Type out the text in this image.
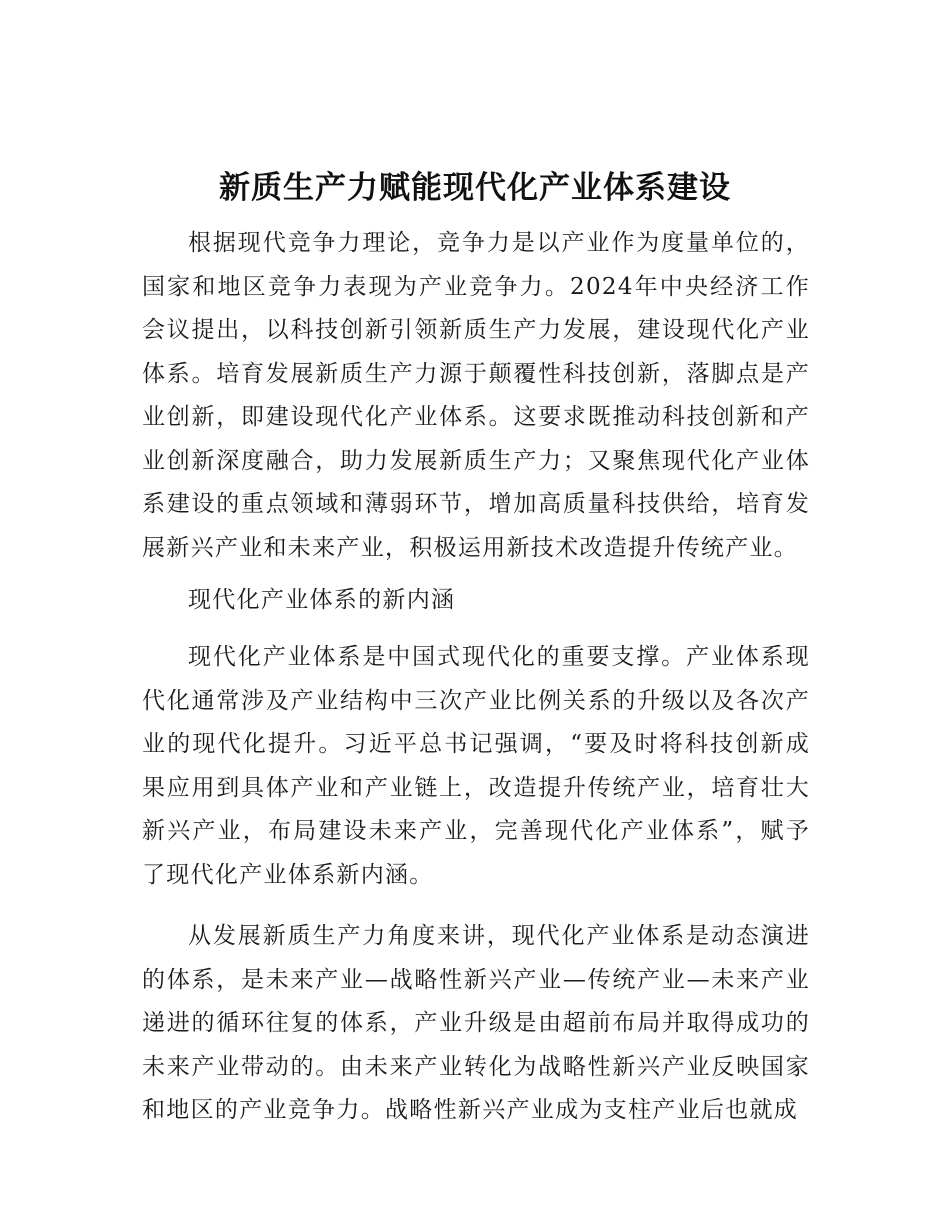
新质生产力赋能现代化产业体系建设

根据现代竞争力理论，竞争力是以产业作为度量单位的，国家和地区竞争力表现为产业竞争力。2024年中央经济工作会议提出，以科技创新引领新质生产力发展，建设现代化产业体系。培育发展新质生产力源于颠覆性科技创新，落脚点是产业创新，即建设现代化产业体系。这要求既推动科技创新和产业创新深度融合，助力发展新质生产力；又聚焦现代化产业体系建设的重点领域和薄弱环节，增加高质量科技供给，培育发展新兴产业和未来产业，积极运用新技术改造提升传统产业。

现代化产业体系的新内涵

现代化产业体系是中国式现代化的重要支撑。产业体系现代化通常涉及产业结构中三次产业比例关系的升级以及各次产业的现代化提升。习近平总书记强调，“要及时将科技创新成果应用到具体产业和产业链上，改造提升传统产业，培育壮大新兴产业，布局建设未来产业，完善现代化产业体系”，赋予了现代化产业体系新内涵。

从发展新质生产力角度来讲，现代化产业体系是动态演进的体系，是未来产业—战略性新兴产业—传统产业—未来产业递进的循环往复的体系，产业升级是由超前布局并取得成功的未来产业带动的。由未来产业转化为战略性新兴产业反映国家和地区的产业竞争力。战略性新兴产业成为支柱产业后也就成
